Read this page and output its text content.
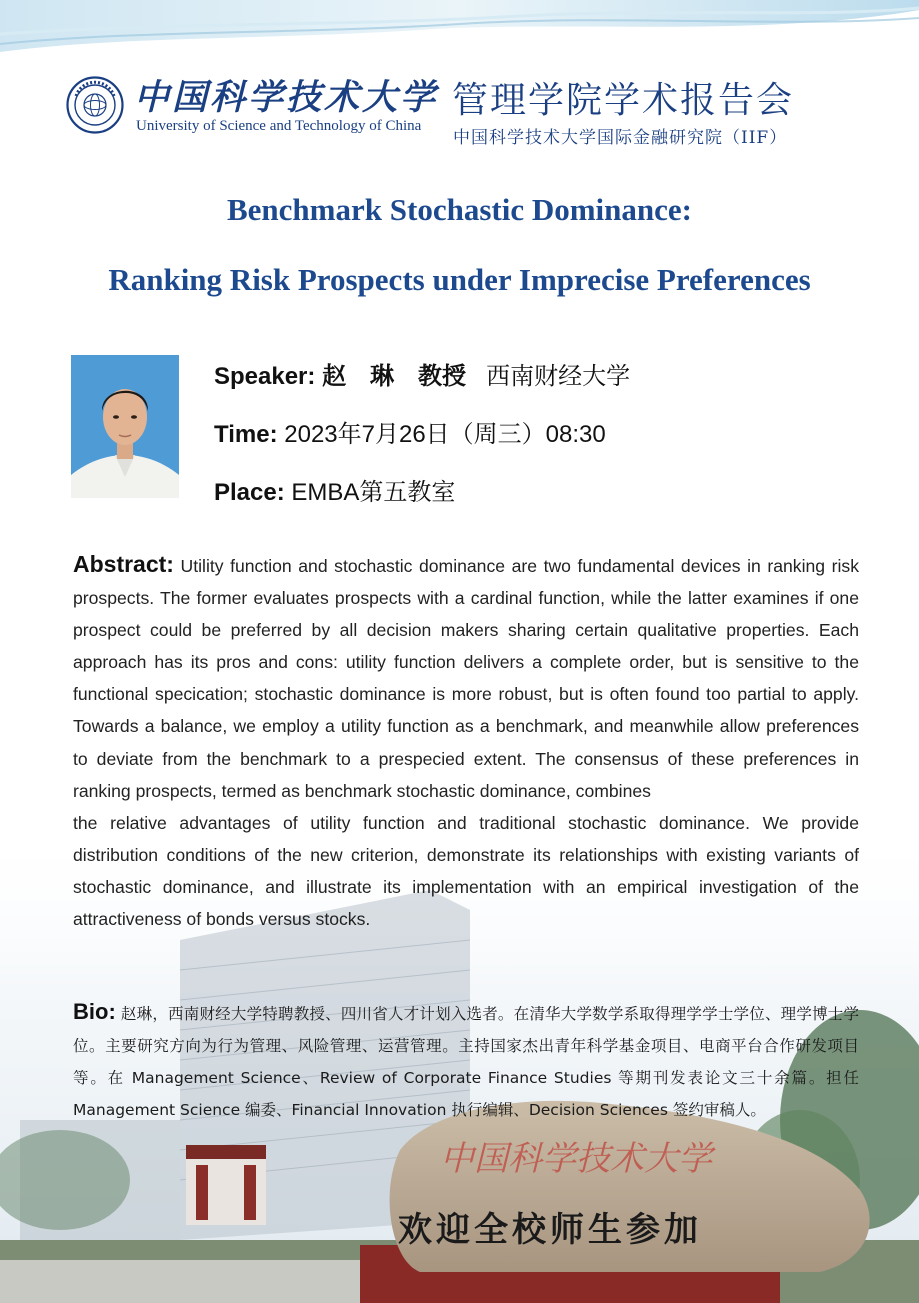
中国科学技术大学
University of Science and Technology of China
管理学院学术报告会
中国科学技术大学国际金融研究院（IIF）
Benchmark Stochastic Dominance:
Ranking Risk Prospects under Imprecise Preferences
Speaker: 赵　琳　教授 西南财经大学
Time: 2023年7月26日（周三）08:30
Place: EMBA第五教室
中国科学技术大学
Abstract: Utility function and stochastic dominance are two fundamental devices in ranking risk prospects. The former evaluates prospects with a cardinal function, while the latter examines if one prospect could be preferred by all decision makers sharing certain qualitative properties. Each approach has its pros and cons: utility function delivers a complete order, but is sensitive to the functional specication; stochastic dominance is more robust, but is often found too partial to apply. Towards a balance, we employ a utility function as a benchmark, and meanwhile allow preferences to deviate from the benchmark to a prespecied extent. The consensus of these preferences in ranking prospects, termed as benchmark stochastic dominance, combines
the relative advantages of utility function and traditional stochastic dominance. We provide distribution conditions of the new criterion, demonstrate its relationships with existing variants of stochastic dominance, and illustrate its implementation with an empirical investigation of the attractiveness of bonds versus stocks.
Bio: 赵琳，西南财经大学特聘教授、四川省人才计划入选者。在清华大学数学系取得理学学士学位、理学博士学位。主要研究方向为行为管理、风险管理、运营管理。主持国家杰出青年科学基金项目、电商平台合作研发项目等。在 Management Science、Review of Corporate Finance Studies 等期刊发表论文三十余篇。担任 Management Science 编委、Financial Innovation 执行编辑、Decision Sciences 签约审稿人。
欢迎全校师生参加
